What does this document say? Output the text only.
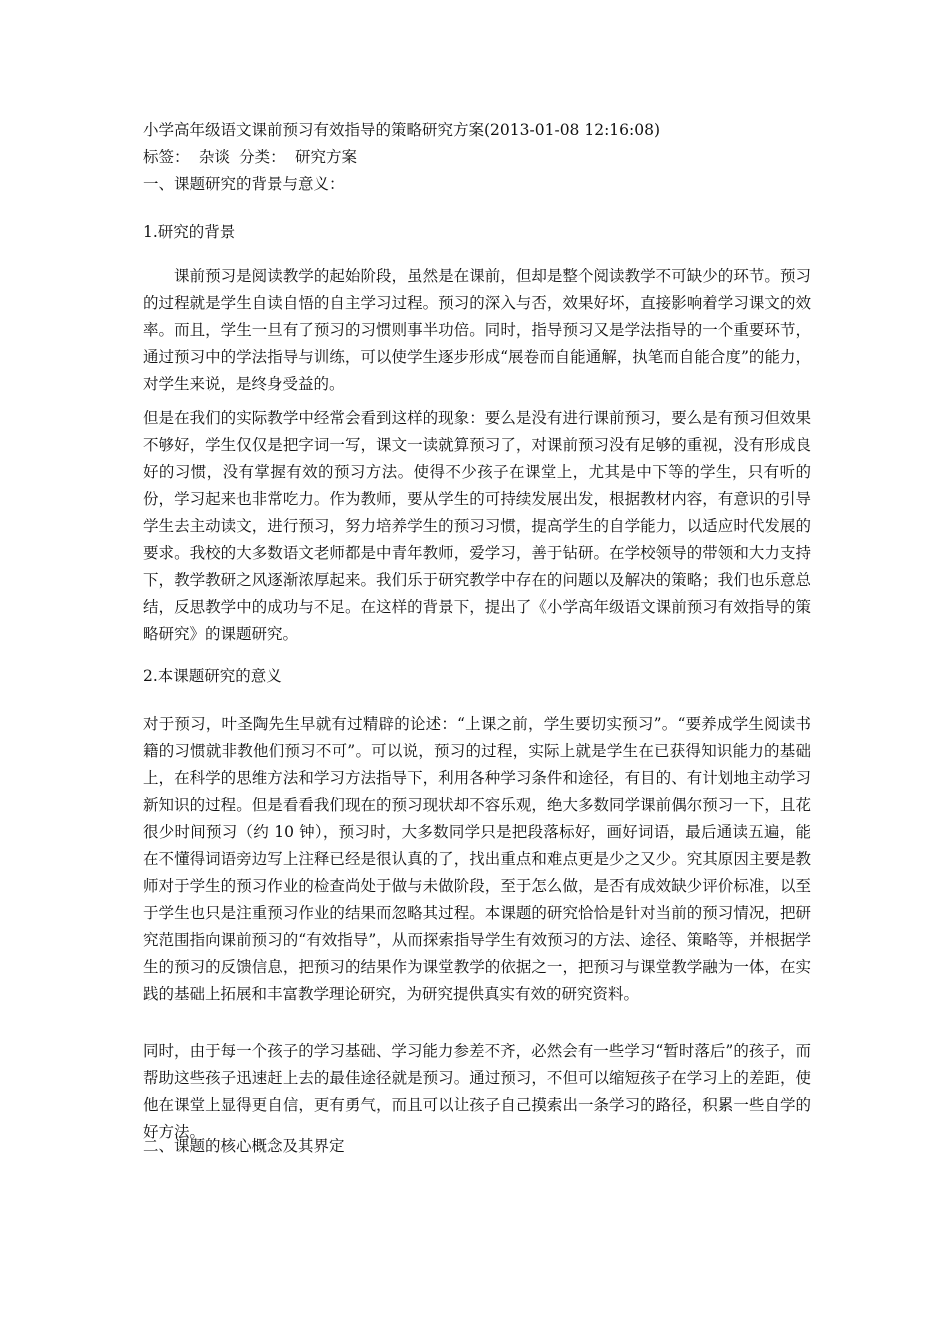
小学高年级语文课前预习有效指导的策略研究方案(2013-01-08 12:16:08)
标签： 杂谈 分类： 研究方案
一、课题研究的背景与意义：
1.研究的背景
课前预习是阅读教学的起始阶段，虽然是在课前，但却是整个阅读教学不可缺少的环节。预习的过程就是学生自读自悟的自主学习过程。预习的深入与否，效果好坏，直接影响着学习课文的效率。而且，学生一旦有了预习的习惯则事半功倍。同时，指导预习又是学法指导的一个重要环节，通过预习中的学法指导与训练，可以使学生逐步形成“展卷而自能通解，执笔而自能合度”的能力，对学生来说，是终身受益的。
但是在我们的实际教学中经常会看到这样的现象：要么是没有进行课前预习，要么是有预习但效果不够好，学生仅仅是把字词一写，课文一读就算预习了，对课前预习没有足够的重视，没有形成良好的习惯，没有掌握有效的预习方法。使得不少孩子在课堂上，尤其是中下等的学生，只有听的份，学习起来也非常吃力。作为教师，要从学生的可持续发展出发，根据教材内容，有意识的引导学生去主动读文，进行预习，努力培养学生的预习习惯，提高学生的自学能力，以适应时代发展的要求。我校的大多数语文老师都是中青年教师，爱学习，善于钻研。在学校领导的带领和大力支持下，教学教研之风逐渐浓厚起来。我们乐于研究教学中存在的问题以及解决的策略；我们也乐意总结，反思教学中的成功与不足。在这样的背景下，提出了《小学高年级语文课前预习有效指导的策略研究》的课题研究。
2.本课题研究的意义
对于预习，叶圣陶先生早就有过精辟的论述：“上课之前，学生要切实预习”。“要养成学生阅读书籍的习惯就非教他们预习不可”。可以说，预习的过程，实际上就是学生在已获得知识能力的基础上，在科学的思维方法和学习方法指导下，利用各种学习条件和途径，有目的、有计划地主动学习新知识的过程。但是看看我们现在的预习现状却不容乐观，绝大多数同学课前偶尔预习一下，且花很少时间预习（约 10 钟），预习时，大多数同学只是把段落标好，画好词语，最后通读五遍，能在不懂得词语旁边写上注释已经是很认真的了，找出重点和难点更是少之又少。究其原因主要是教师对于学生的预习作业的检查尚处于做与未做阶段，至于怎么做，是否有成效缺少评价标准，以至于学生也只是注重预习作业的结果而忽略其过程。本课题的研究恰恰是针对当前的预习情况，把研究范围指向课前预习的“有效指导”，从而探索指导学生有效预习的方法、途径、策略等，并根据学生的预习的反馈信息，把预习的结果作为课堂教学的依据之一，把预习与课堂教学融为一体，在实践的基础上拓展和丰富教学理论研究，为研究提供真实有效的研究资料。
同时，由于每一个孩子的学习基础、学习能力参差不齐，必然会有一些学习“暂时落后”的孩子，而帮助这些孩子迅速赶上去的最佳途径就是预习。通过预习，不但可以缩短孩子在学习上的差距，使他在课堂上显得更自信，更有勇气，而且可以让孩子自己摸索出一条学习的路径，积累一些自学的好方法。
二、课题的核心概念及其界定
